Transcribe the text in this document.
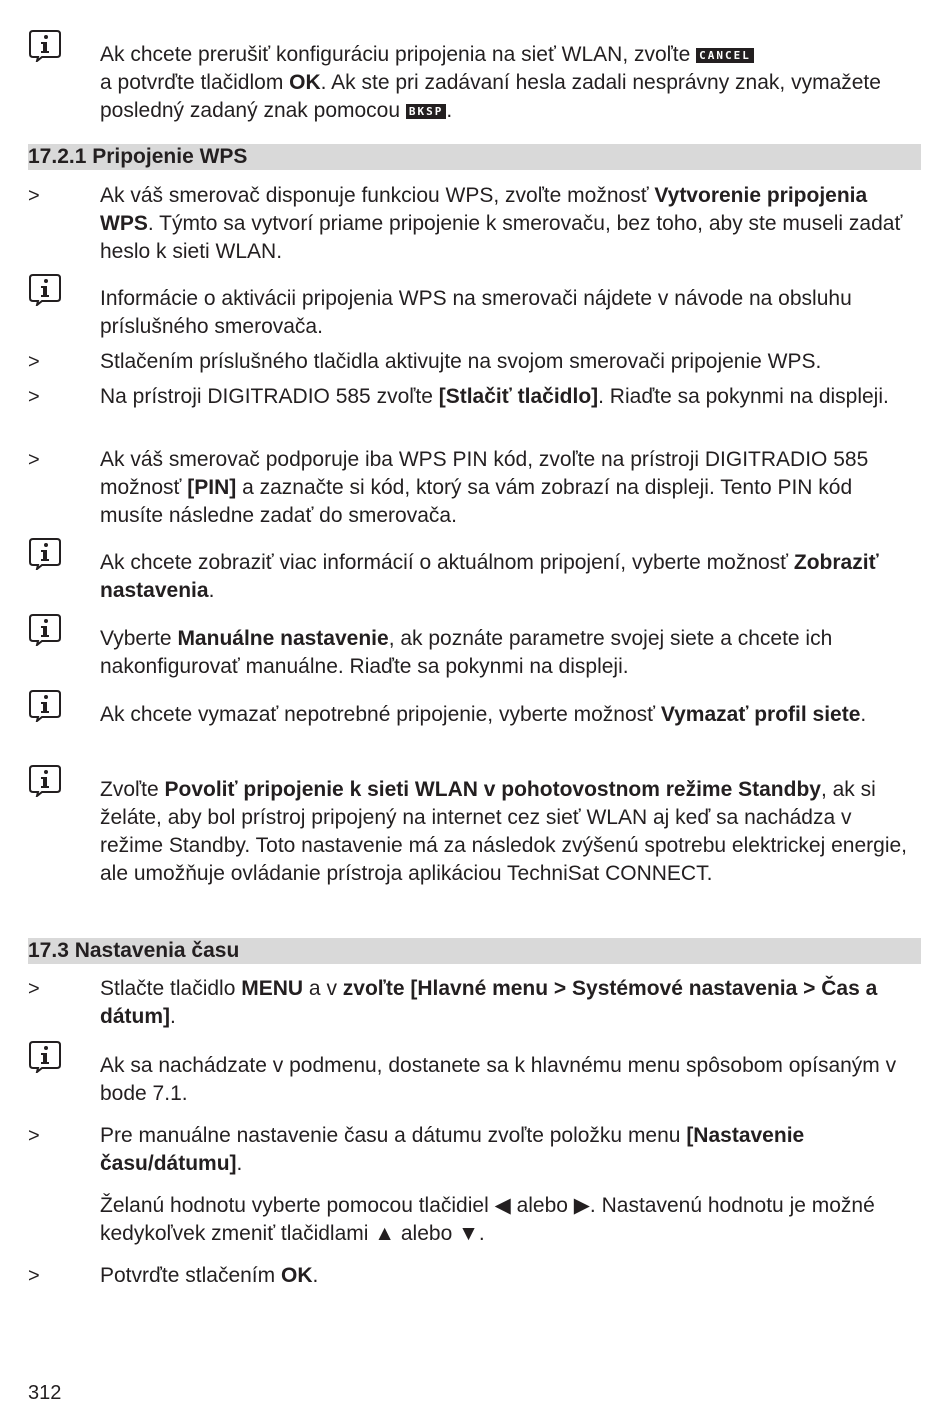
Ak chcete prerušiť konfiguráciu pripojenia na sieť WLAN, zvoľte CANCEL
a potvrďte tlačidlom OK. Ak ste pri zadávaní hesla zadali nesprávny znak, vymažete posledný zadaný znak pomocou BKSP .

17.2.1 Pripojenie WPS
>	Ak váš smerovač disponuje funkciou WPS, zvoľte možnosť Vytvorenie pripojenia WPS. Týmto sa vytvorí priame pripojenie k smerovaču, bez toho, aby ste museli zadať heslo k sieti WLAN.

Informácie o aktivácii pripojenia WPS na smerovači nájdete v návode na obsluhu príslušného smerovača.

>	Stlačením príslušného tlačidla aktivujte na svojom smerovači pripojenie WPS.

>	Na prístroji DIGITRADIO 585 zvoľte [Stlačiť tlačidlo]. Riaďte sa pokynmi na displeji.

>	Ak váš smerovač podporuje iba WPS PIN kód, zvoľte na prístroji DIGITRADIO 585 možnosť [PIN] a zaznačte si kód, ktorý sa vám zobrazí na displeji. Tento PIN kód musíte následne zadať do smerovača.

Ak chcete zobraziť viac informácií o aktuálnom pripojení, vyberte možnosť Zobraziť nastavenia.

Vyberte Manuálne nastavenie, ak poznáte parametre svojej siete a chcete ich nakonfigurovať manuálne. Riaďte sa pokynmi na displeji.

Ak chcete vymazať nepotrebné pripojenie, vyberte možnosť Vymazať profil siete.

Zvoľte Povoliť pripojenie k sieti WLAN v pohotovostnom režime Standby, ak si želáte, aby bol prístroj pripojený na internet cez sieť WLAN aj keď sa nachádza v režime Standby. Toto nastavenie má za následok zvýšenú spotrebu elektrickej energie, ale umožňuje ovládanie prístroja aplikáciou TechniSat CONNECT.

17.3 Nastavenia času
>	Stlačte tlačidlo MENU a v zvoľte [Hlavné menu > Systémové nastavenia > Čas a dátum].

Ak sa nachádzate v podmenu, dostanete sa k hlavnému menu spôsobom opísaným v bode 7.1.

>	Pre manuálne nastavenie času a dátumu zvoľte položku menu [Nastavenie času/dátumu].

Želanú hodnotu vyberte pomocou tlačidiel ◀ alebo ▶. Nastavenú hodnotu je možné kedykoľvek zmeniť tlačidlami ▲ alebo ▼.

>	Potvrďte stlačením OK.

312
